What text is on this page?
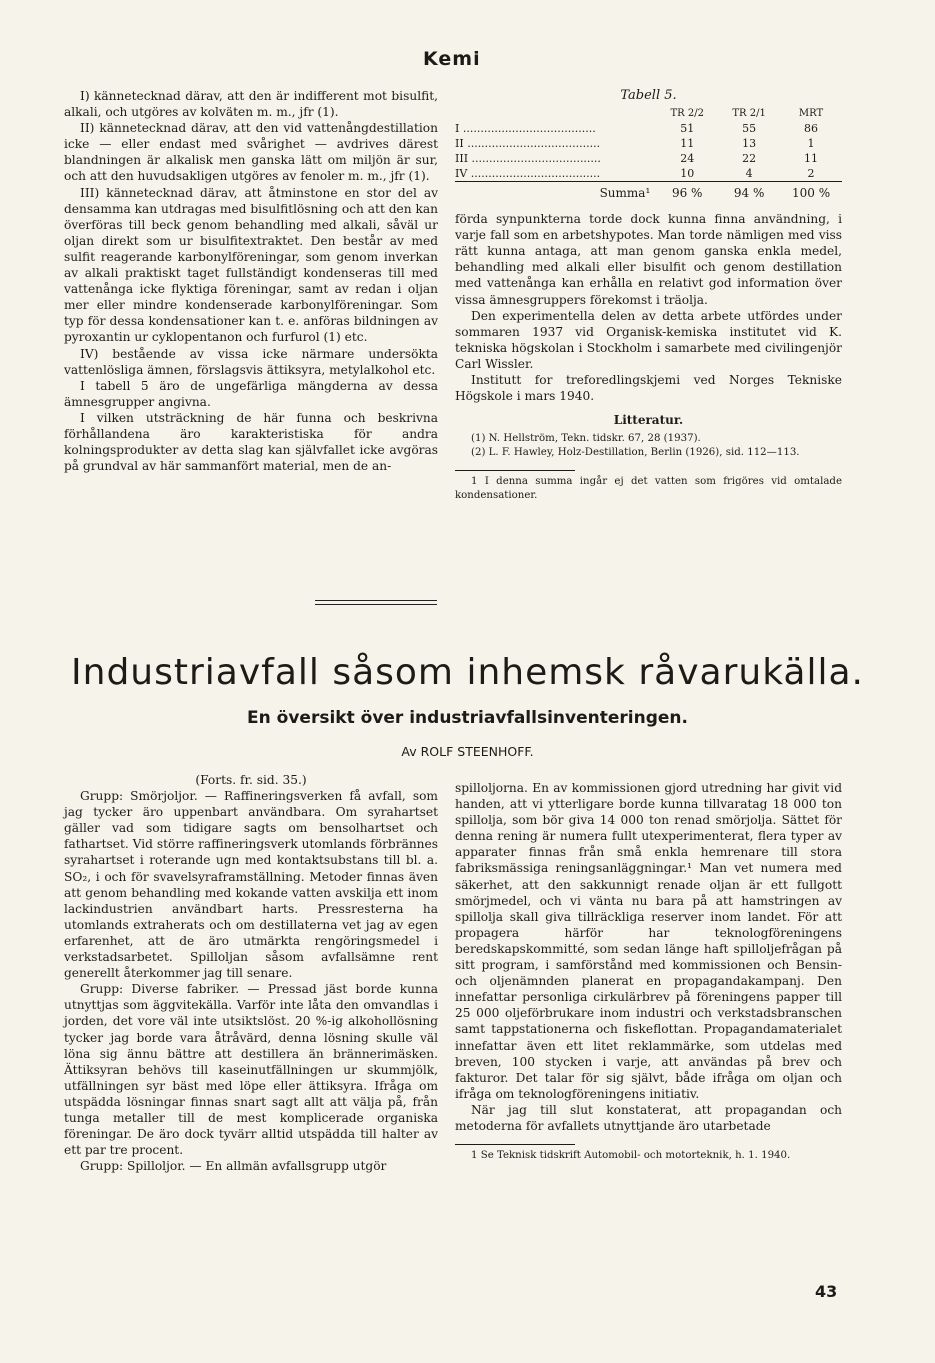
Kemi

I) kännetecknad därav, att den är indifferent mot bisulfit, alkali, och utgöres av kolväten m. m., jfr (1).

II) kännetecknad därav, att den vid vattenångdestillation icke — eller endast med svårighet — avdrives därest blandningen är alkalisk men ganska lätt om miljön är sur, och att den huvudsakligen utgöres av fenoler m. m., jfr (1).

III) kännetecknad därav, att åtminstone en stor del av densamma kan utdragas med bisulfitlösning och att den kan överföras till beck genom behandling med alkali, såväl ur oljan direkt som ur bisulfitextraktet. Den består av med sulfit reagerande karbonylföreningar, som genom inverkan av alkali praktiskt taget fullständigt kondenseras till med vattenånga icke flyktiga föreningar, samt av redan i oljan mer eller mindre kondenserade karbonylföreningar. Som typ för dessa kondensationer kan t. e. anföras bildningen av pyroxantin ur cyklopentanon och furfurol (1) etc.

IV) bestående av vissa icke närmare undersökta vattenlösliga ämnen, förslagsvis ättiksyra, metylalkohol etc.

I tabell 5 äro de ungefärliga mängderna av dessa ämnesgrupper angivna.

I vilken utsträckning de här funna och beskrivna förhållandena äro karakteristiska för andra kolningsprodukter av detta slag kan självfallet icke avgöras på grundval av här sammanfört material, men de an-

Tabell 5.
	TR 2/2	TR 2/1	MRT
I ......................................	51	55	86
II ......................................	11	13	1
III .....................................	24	22	11
IV .....................................	10	4	2
Summa¹	96 %	94 %	100 %

förda synpunkterna torde dock kunna finna användning, i varje fall som en arbetshypotes. Man torde nämligen med viss rätt kunna antaga, att man genom ganska enkla medel, behandling med alkali eller bisulfit och genom destillation med vattenånga kan erhålla en relativt god information över vissa ämnesgruppers förekomst i träolja.

Den experimentella delen av detta arbete utfördes under sommaren 1937 vid Organisk-kemiska institutet vid K. tekniska högskolan i Stockholm i samarbete med civilingenjör Carl Wissler.

Institutt for treforedlingskjemi ved Norges Tekniske Högskole i mars 1940.

Litteratur.

(1) N. Hellström, Tekn. tidskr. 67, 28 (1937).

(2) L. F. Hawley, Holz-Destillation, Berlin (1926), sid. 112—113.

1 I denna summa ingår ej det vatten som frigöres vid omtalade kondensationer.

Industriavfall såsom inhemsk råvarukälla.
En översikt över industriavfallsinventeringen.
Av ROLF STEENHOFF.

(Forts. fr. sid. 35.)

Grupp: Smörjoljor. — Raffineringsverken få avfall, som jag tycker äro uppenbart användbara. Om syrahartset gäller vad som tidigare sagts om bensolhartset och fathartset. Vid större raffineringsverk utomlands förbrännes syrahartset i roterande ugn med kontaktsubstans till bl. a. SO₂, i och för svavelsyraframställning. Metoder finnas även att genom behandling med kokande vatten avskilja ett inom lackindustrien användbart harts. Pressresterna ha utomlands extraherats och om destillaterna vet jag av egen erfarenhet, att de äro utmärkta rengöringsmedel i verkstadsarbetet. Spilloljan såsom avfallsämne rent generellt återkommer jag till senare.

Grupp: Diverse fabriker. — Pressad jäst borde kunna utnyttjas som äggvitekälla. Varför inte låta den omvandlas i jorden, det vore väl inte utsiktslöst. 20 %-ig alkohollösning tycker jag borde vara åtråvärd, denna lösning skulle väl löna sig ännu bättre att destillera än brännerimäsken. Ättiksyran behövs till kaseinutfällningen ur skummjölk, utfällningen syr bäst med löpe eller ättiksyra. Ifråga om utspädda lösningar finnas snart sagt allt att välja på, från tunga metaller till de mest komplicerade organiska föreningar. De äro dock tyvärr alltid utspädda till halter av ett par tre procent.

Grupp: Spilloljor. — En allmän avfallsgrupp utgör

spilloljorna. En av kommissionen gjord utredning har givit vid handen, att vi ytterligare borde kunna tillvaratag 18 000 ton spillolja, som bör giva 14 000 ton renad smörjolja. Sättet för denna rening är numera fullt utexperimenterat, flera typer av apparater finnas från små enkla hemrenare till stora fabriksmässiga reningsanläggningar.¹ Man vet numera med säkerhet, att den sakkunnigt renade oljan är ett fullgott smörjmedel, och vi vänta nu bara på att hamstringen av spillolja skall giva tillräckliga reserver inom landet. För att propagera härför har teknologföreningens beredskapskommitté, som sedan länge haft spilloljefrågan på sitt program, i samförstånd med kommissionen och Bensin- och oljenämnden planerat en propagandakampanj. Den innefattar personliga cirkulärbrev på föreningens papper till 25 000 oljeförbrukare inom industri och verkstadsbranschen samt tappstationerna och fiskeflottan. Propagandamaterialet innefattar även ett litet reklammärke, som utdelas med breven, 100 stycken i varje, att användas på brev och fakturor. Det talar för sig självt, både ifråga om oljan och ifråga om teknologföreningens initiativ.

När jag till slut konstaterat, att propagandan och metoderna för avfallets utnyttjande äro utarbetade

1 Se Teknisk tidskrift Automobil- och motorteknik, h. 1. 1940.

43
